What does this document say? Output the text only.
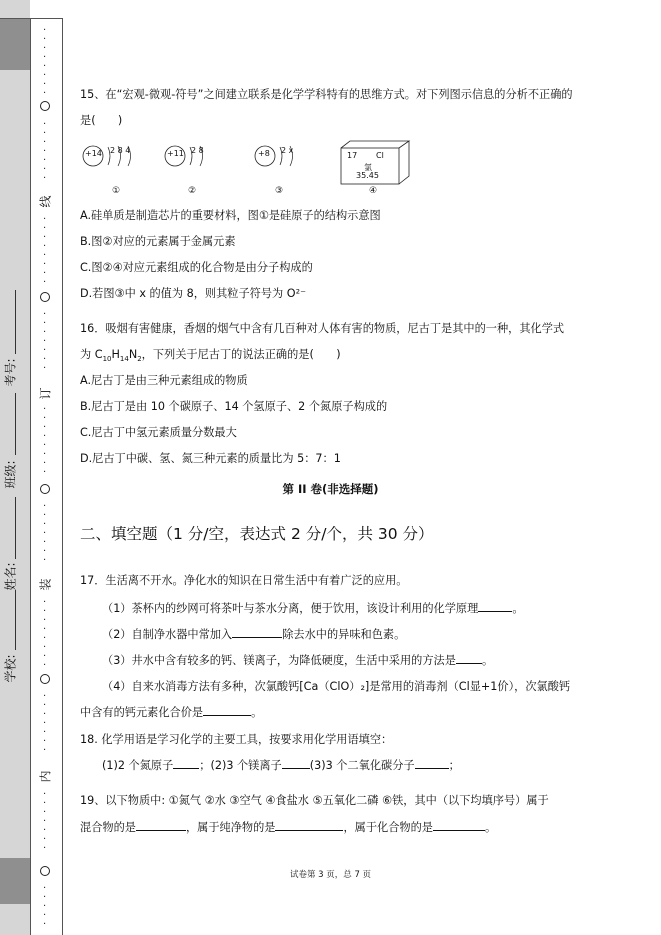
学校:
姓名:
班级:
考号:
·
·
·
·
·
·
·
·
·
·
·
·
·
·
·
线
·
·
·
·
·
·
·
·
·
·
·
·
·
·
·
订
·
·
·
·
·
·
·
·
·
·
·
·
·
·
·
装
·
·
·
·
·
·
·
·
·
·
·
·
·
·
·
内
·
·
·
·
·
·
·
·
·
·
·
·
15、在“宏观-微观-符号”之间建立联系是化学学科特有的思维方式。对下列图示信息的分析不正确的
是(　　)
+14 2 8 4	+11 2 8	+8 2 x
17 Cl
氯
35.45
①	②	③	④
A.硅单质是制造芯片的重要材料，图①是硅原子的结构示意图
B.图②对应的元素属于金属元素
C.图②④对应元素组成的化合物是由分子构成的
D.若图③中 x 的值为 8，则其粒子符号为 O²⁻
16．吸烟有害健康，香烟的烟气中含有几百种对人体有害的物质，尼古丁是其中的一种，其化学式
为 $C_{10}H_{14}N_2$，下列关于尼古丁的说法正确的是(　　)
A.尼古丁是由三种元素组成的物质
B.尼古丁是由 10 个碳原子、14 个氢原子、2 个氮原子构成的
C.尼古丁中氢元素质量分数最大
D.尼古丁中碳、氢、氮三种元素的质量比为 5：7：1
第 II 卷(非选择题)
二、填空题（1 分/空，表达式 2 分/个，共 30 分）
17．生活离不开水。净化水的知识在日常生活中有着广泛的应用。
（1）茶杯内的纱网可将茶叶与茶水分离，便于饮用，该设计利用的化学原理	。
（2）自制净水器中常加入	除去水中的异味和色素。
（3）井水中含有较多的钙、镁离子，为降低硬度，生活中采用的方法是 。
（4）自来水消毒方法有多种，次氯酸钙[Ca（ClO）₂]是常用的消毒剂（Cl显+1价），次氯酸钙
中含有的钙元素化合价是	。
18. 化学用语是学习化学的主要工具，按要求用化学用语填空：
(1)2 个氮原子 ；(2)3 个镁离子	(3)3 个二氧化碳分子	；
19、以下物质中: ①氮气 ②水 ③空气 ④食盐水 ⑤五氧化二磷 ⑥铁，其中（以下均填序号）属于
混合物的是	，属于纯净物的是	，属于化合物的是	。
试卷第 3 页，总 7 页
